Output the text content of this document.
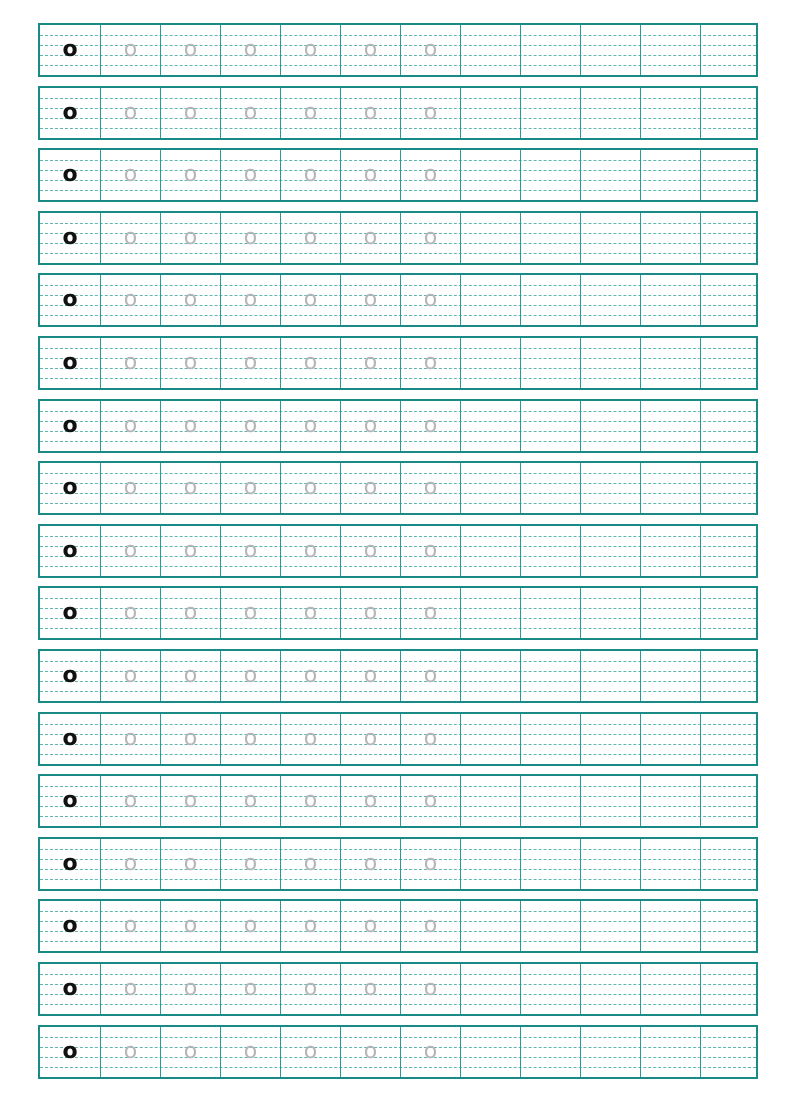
o	o	o	o	o	o	o
o	o	o	o	o	o	o
o	o	o	o	o	o	o
o	o	o	o	o	o	o
o	o	o	o	o	o	o
o	o	o	o	o	o	o
o	o	o	o	o	o	o
o	o	o	o	o	o	o
o	o	o	o	o	o	o
o	o	o	o	o	o	o
o	o	o	o	o	o	o
o	o	o	o	o	o	o
o	o	o	o	o	o	o
o	o	o	o	o	o	o
o	o	o	o	o	o	o
o	o	o	o	o	o	o
o	o	o	o	o	o	o
